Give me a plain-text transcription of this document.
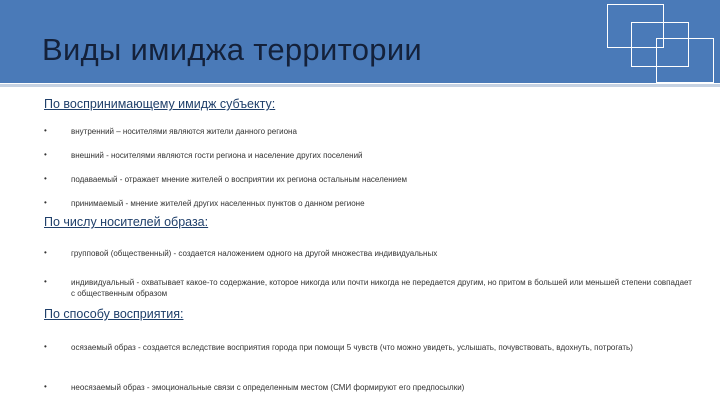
Виды имиджа территории
По воспринимающему имидж субъекту:
•	внутренний – носителями являются жители данного региона
•	внешний - носителями являются гости региона и население других поселений
•	подаваемый - отражает мнение жителей о восприятии их региона остальным населением
•	принимаемый - мнение жителей других населенных пунктов о данном регионе
По числу носителей образа:
•	групповой (общественный) - создается наложением одного на другой множества индивидуальных
•	индивидуальный - охватывает какое-то содержание, которое никогда или почти никогда не передается другим, но притом в большей или меньшей степени совпадает с общественным образом
По способу восприятия:
•	осязаемый образ - создается вследствие восприятия города при помощи 5 чувств (что можно увидеть, услышать, почувствовать, вдохнуть, потрогать)
•	неосязаемый образ - эмоциональные связи с определенным местом (СМИ формируют его предпосылки)
